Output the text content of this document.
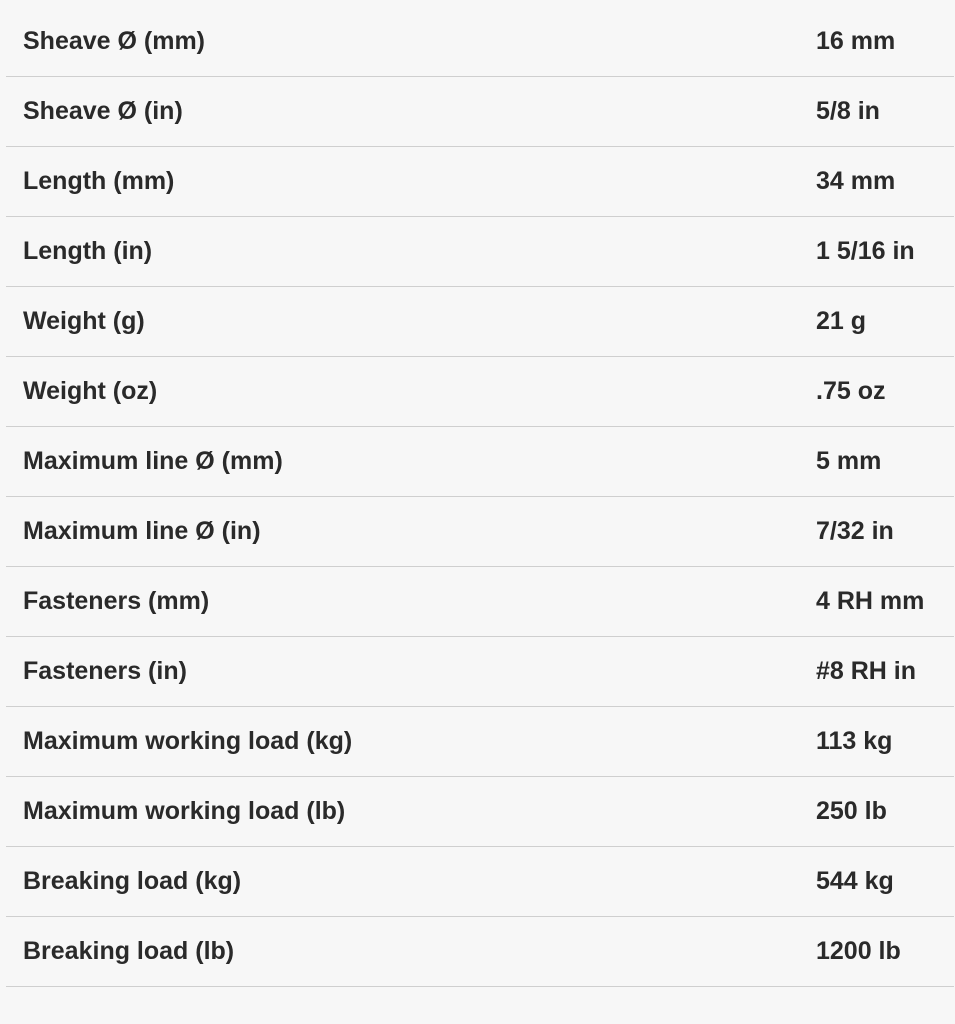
Sheave Ø (mm)	16 mm
Sheave Ø (in)	5/8 in
Length (mm)	34 mm
Length (in)	1 5/16 in
Weight (g)	21 g
Weight (oz)	.75 oz
Maximum line Ø (mm)	5 mm
Maximum line Ø (in)	7/32 in
Fasteners (mm)	4 RH mm
Fasteners (in)	#8 RH in
Maximum working load (kg)	113 kg
Maximum working load (lb)	250 lb
Breaking load (kg)	544 kg
Breaking load (lb)	1200 lb
